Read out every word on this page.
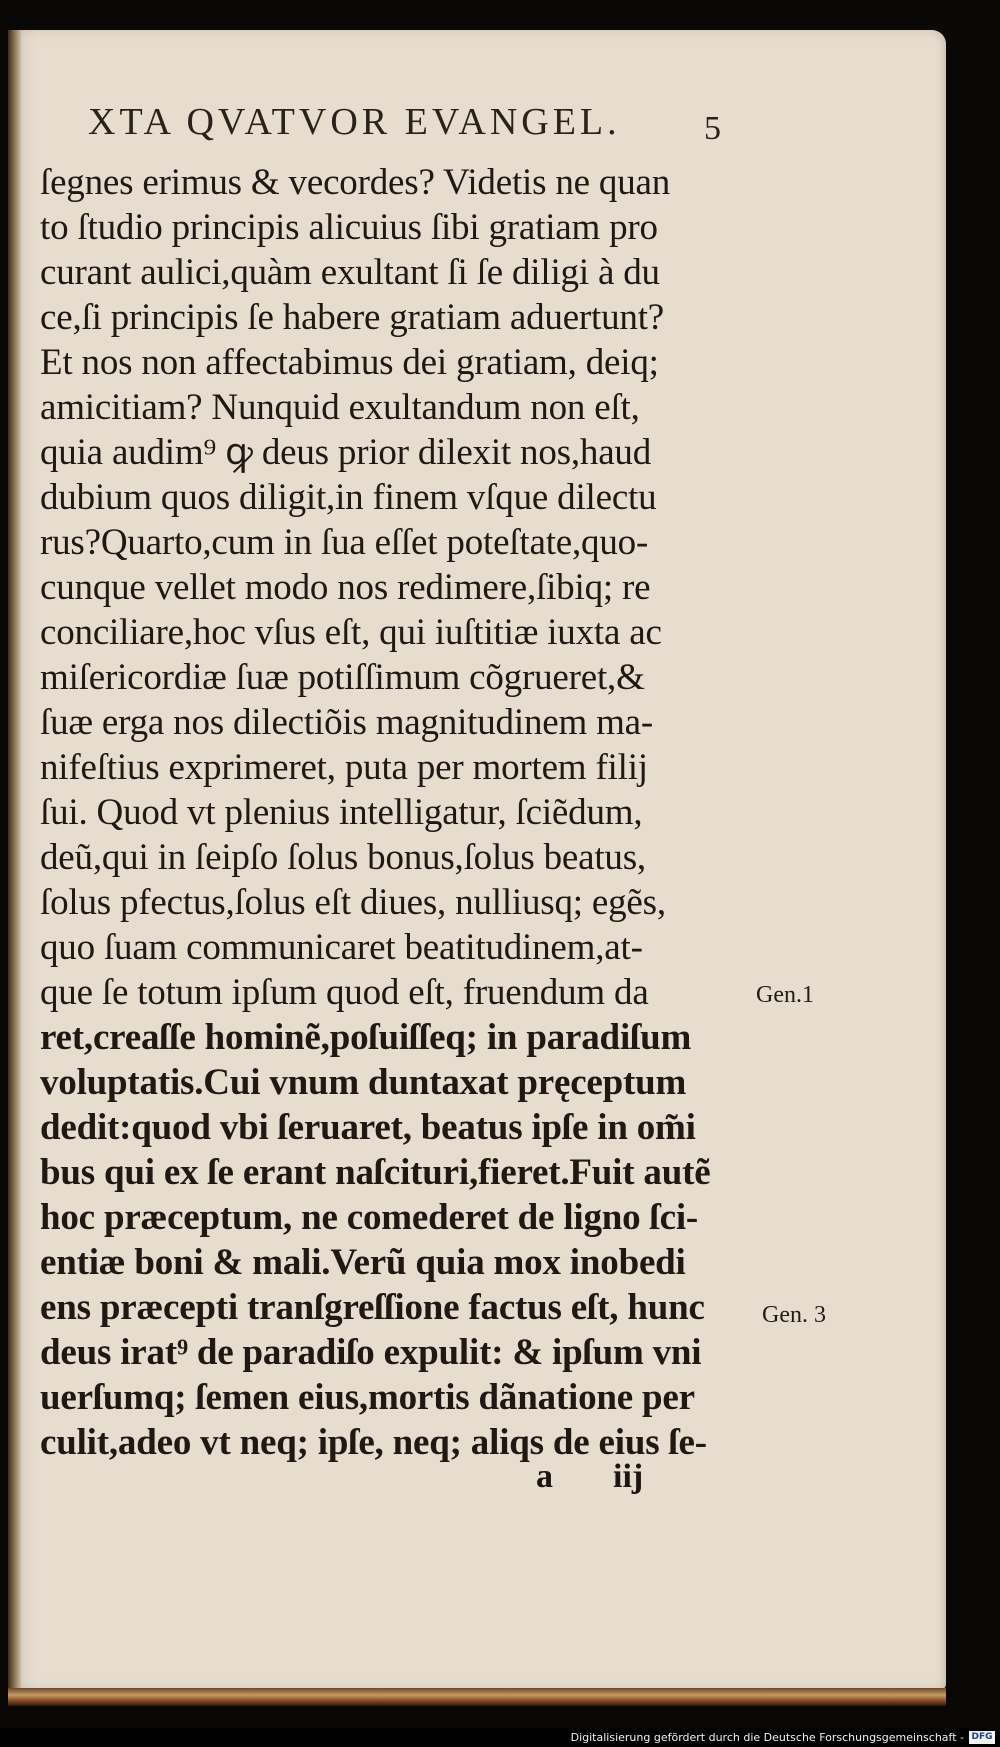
XTA QVATVOR EVANGEL.	5
ſegnes erimus & vecordes? Videtis ne quan
to ſtudio principis alicuius ſibi gratiam pro
curant aulici,quàm exultant ſi ſe diligi à du
ce,ſi principis ſe habere gratiam aduertunt?
Et nos non affectabimus dei gratiam, deiq;
amicitiam? Nunquid exultandum non eſt,
quia audim⁹ ꝙ deus prior dilexit nos,haud
dubium quos diligit,in finem vſque dilectu
rus?Quarto,cum in ſua eſſet poteſtate,quo-
cunque vellet modo nos redimere,ſibiq; re
conciliare,hoc vſus eſt, qui iuſtitiæ iuxta ac
miſericordiæ ſuæ potiſſimum cõgrueret,&
ſuæ erga nos dilectiõis magnitudinem ma-
nifeſtius exprimeret, puta per mortem filij
ſui. Quod vt plenius intelligatur, ſciẽdum,
deũ,qui in ſeipſo ſolus bonus,ſolus beatus,
ſolus pfectus,ſolus eſt diues, nulliusq; egẽs,
quo ſuam communicaret beatitudinem,at-
que ſe totum ipſum quod eſt, fruendum da
ret,creaſſe hominẽ,poſuiſſeq; in paradiſum
voluptatis.Cui vnum duntaxat pręceptum
dedit:quod vbi ſeruaret, beatus ipſe in om̃i
bus qui ex ſe erant naſcituri,fieret.Fuit autẽ
hoc præceptum, ne comederet de ligno ſci-
entiæ boni & mali.Verũ quia mox inobedi
ens præcepti tranſgreſſione factus eſt, hunc
deus irat⁹ de paradiſo expulit: & ipſum vni
uerſumq; ſemen eius,mortis dãnatione per
culit,adeo vt neq; ipſe, neq; aliqs de eius ſe-
Gen.1
Gen. 3
a iij
Digitalisierung gefördert durch die Deutsche Forschungsgemeinschaft - DFG
